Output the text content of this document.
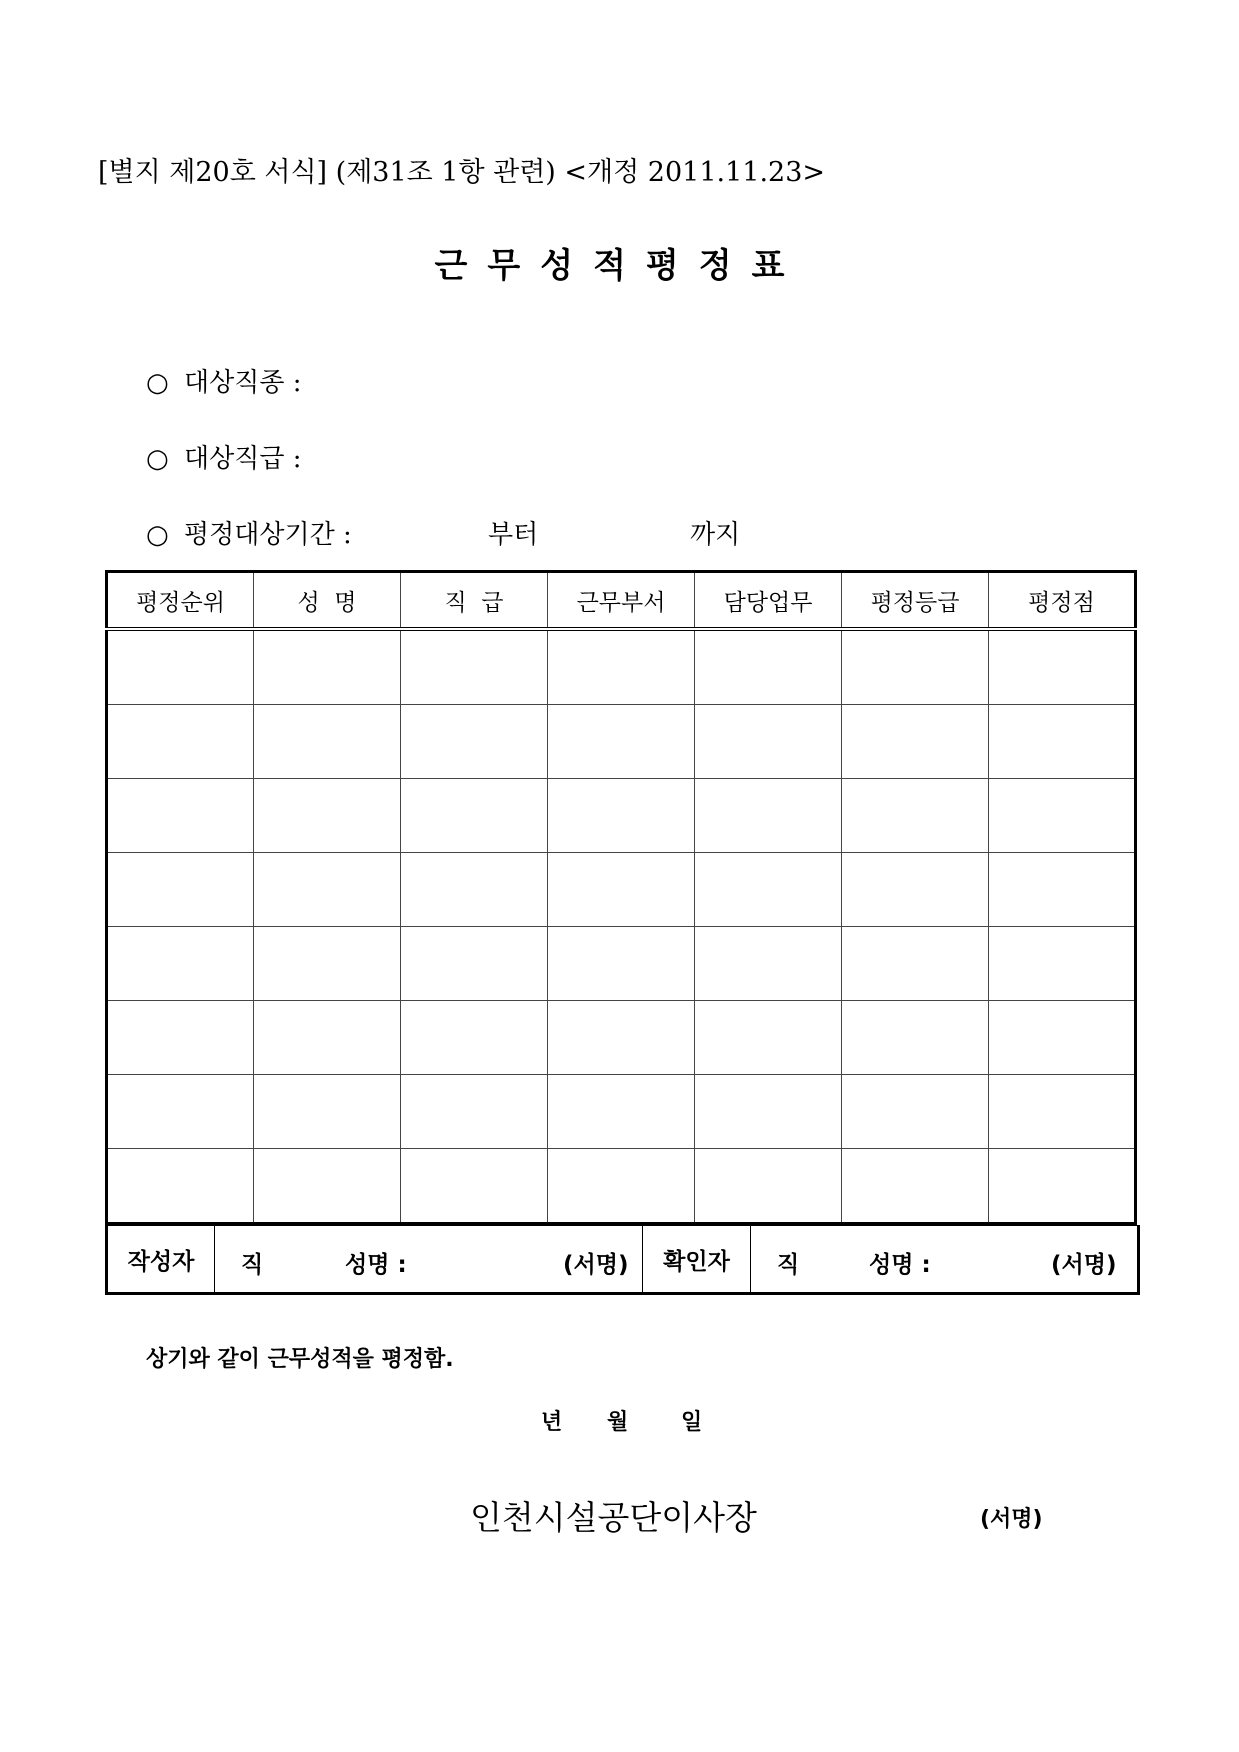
[별지 제20호 서식] (제31조 1항 관련) <개정 2011.11.23>
근무성적평정표
○ 대상직종 :
○ 대상직급 :
○ 평정대상기간 :	부터	까지
평정순위	성  명	직  급	근무부서	담당업무	평정등급	평정점

작성자	직	성명 :	(서명)	확인자	직	성명 :	(서명)
상기와 같이 근무성적을 평정함.
년 월 일
인천시설공단이사장	(서명)
